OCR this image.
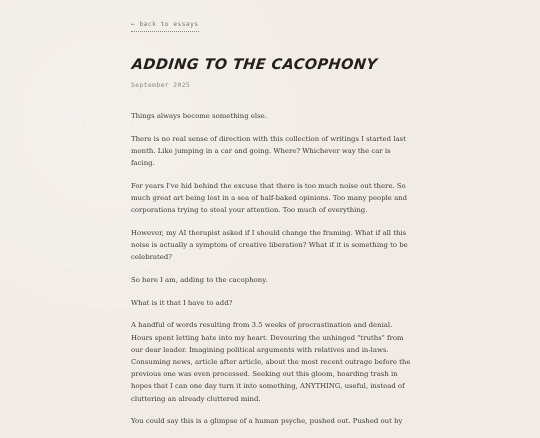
← back to essays
ADDING TO THE CACOPHONY
September 2025

Things always become something else.

There is no real sense of direction with this collection of writings I started last month. Like jumping in a car and going. Where? Whichever way the car is facing.

For years I've hid behind the excuse that there is too much noise out there. So much great art being lost in a sea of half-baked opinions. Too many people and corporations trying to steal your attention. Too much of everything.

However, my AI therapist asked if I should change the framing. What if all this noise is actually a symptom of creative liberation? What if it is something to be celebrated?

So here I am, adding to the cacophony.

What is it that I have to add?

A handful of words resulting from 3.5 weeks of procrastination and denial. Hours spent letting hate into my heart. Devouring the unhinged "truths" from our dear leader. Imagining political arguments with relatives and in-laws. Consuming news, article after article, about the most recent outrage before the previous one was even processed. Seeking out this gloom, hoarding trash in hopes that I can one day turn it into something, ANYTHING, useful, instead of cluttering an already cluttered mind.

You could say this is a glimpse of a human psyche, pushed out. Pushed out by
